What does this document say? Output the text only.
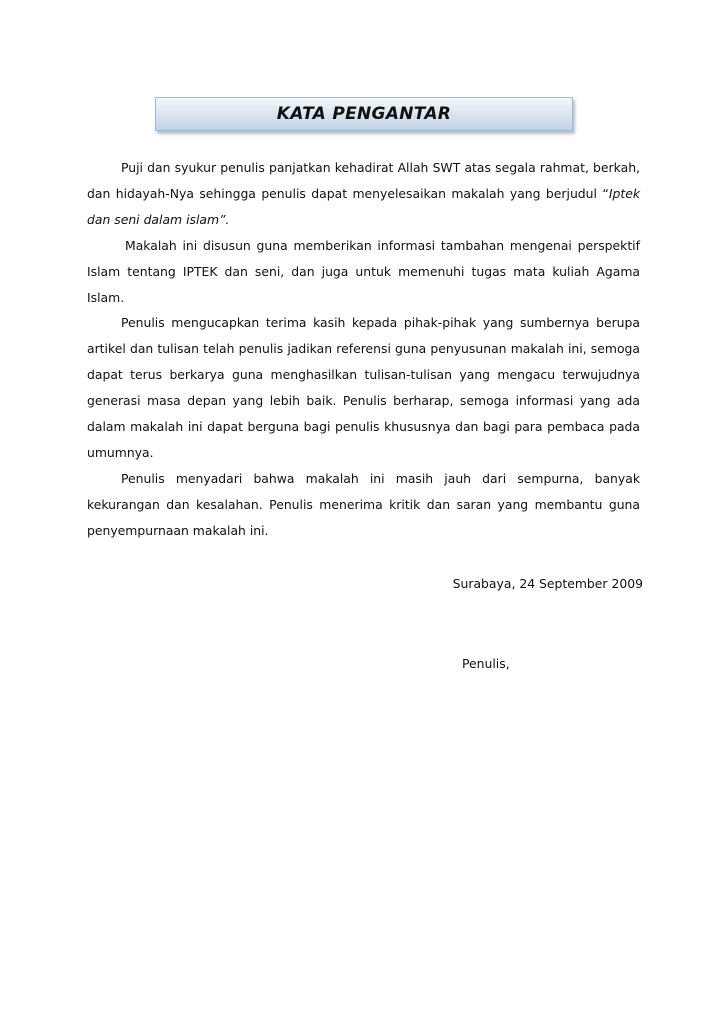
KATA PENGANTAR

Puji dan syukur penulis panjatkan kehadirat Allah SWT atas segala rahmat, berkah, dan hidayah-Nya sehingga penulis dapat menyelesaikan makalah yang berjudul “Iptek dan seni dalam islam”.

Makalah ini disusun guna memberikan informasi tambahan mengenai perspektif Islam tentang IPTEK dan seni, dan juga untuk memenuhi tugas mata kuliah Agama Islam.

Penulis mengucapkan terima kasih kepada pihak-pihak yang sumbernya berupa artikel dan tulisan telah penulis jadikan referensi guna penyusunan makalah ini, semoga dapat terus berkarya guna menghasilkan tulisan-tulisan yang mengacu terwujudnya generasi masa depan yang lebih baik. Penulis berharap, semoga informasi yang ada dalam makalah ini dapat berguna bagi penulis khususnya dan bagi para pembaca pada umumnya.

Penulis menyadari bahwa makalah ini masih jauh dari sempurna, banyak kekurangan dan kesalahan. Penulis menerima kritik dan saran yang membantu guna penyempurnaan makalah ini.

Surabaya, 24 September 2009
Penulis,
